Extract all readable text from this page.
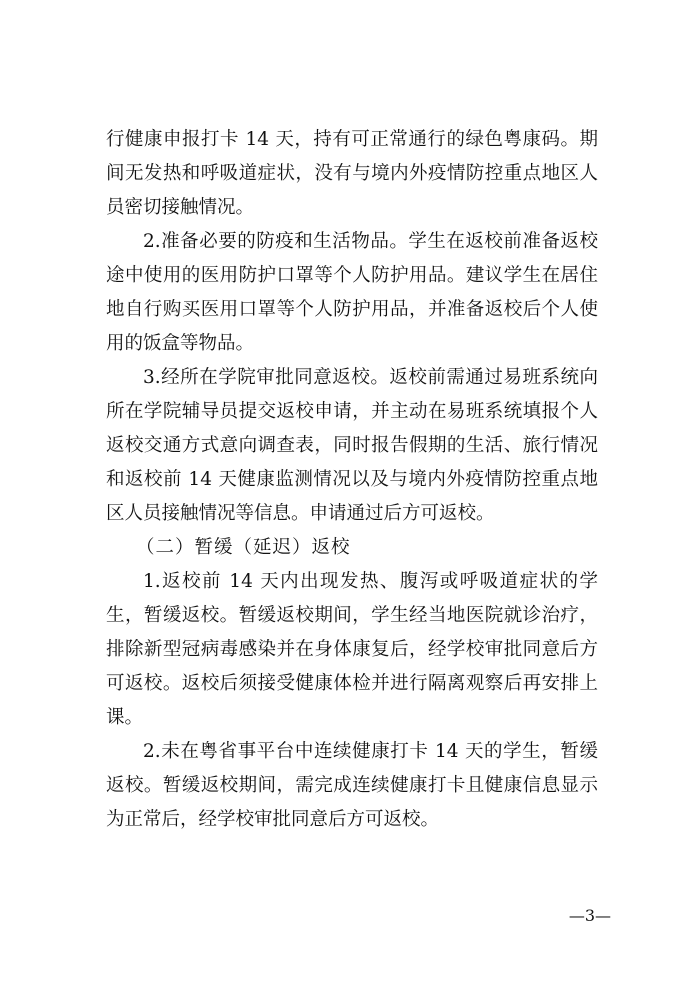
行健康申报打卡 14 天，持有可正常通行的绿色粤康码。期间无发热和呼吸道症状，没有与境内外疫情防控重点地区人员密切接触情况。

2.准备必要的防疫和生活物品。学生在返校前准备返校途中使用的医用防护口罩等个人防护用品。建议学生在居住地自行购买医用口罩等个人防护用品，并准备返校后个人使用的饭盒等物品。

3.经所在学院审批同意返校。返校前需通过易班系统向所在学院辅导员提交返校申请，并主动在易班系统填报个人返校交通方式意向调查表，同时报告假期的生活、旅行情况和返校前 14 天健康监测情况以及与境内外疫情防控重点地区人员接触情况等信息。申请通过后方可返校。

（二）暂缓（延迟）返校

1.返校前 14 天内出现发热、腹泻或呼吸道症状的学生，暂缓返校。暂缓返校期间，学生经当地医院就诊治疗，排除新型冠病毒感染并在身体康复后，经学校审批同意后方可返校。返校后须接受健康体检并进行隔离观察后再安排上课。

2.未在粤省事平台中连续健康打卡 14 天的学生，暂缓返校。暂缓返校期间，需完成连续健康打卡且健康信息显示为正常后，经学校审批同意后方可返校。

—3—
